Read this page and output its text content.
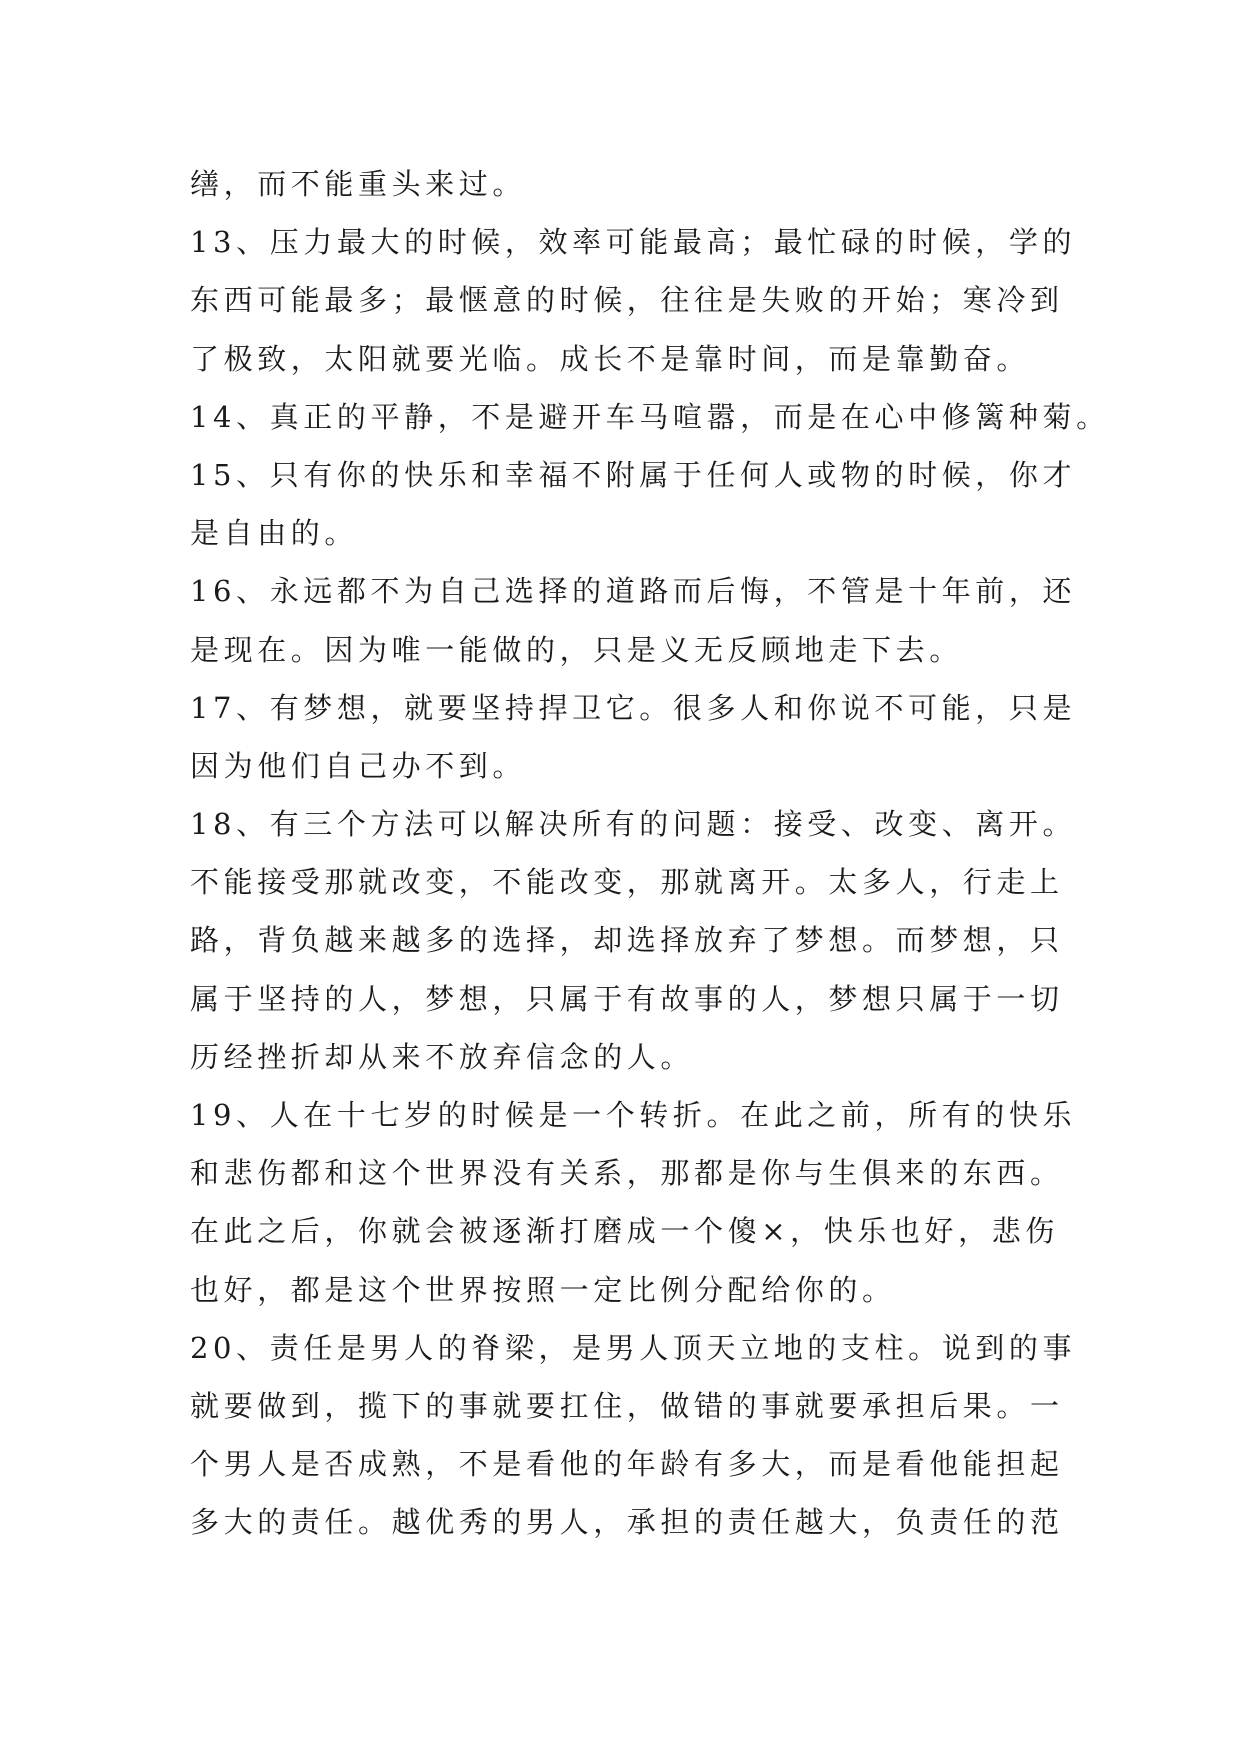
缮，而不能重头来过。
13、压力最大的时候，效率可能最高；最忙碌的时候，学的
东西可能最多；最惬意的时候，往往是失败的开始；寒冷到
了极致，太阳就要光临。成长不是靠时间，而是靠勤奋。
14、真正的平静，不是避开车马喧嚣，而是在心中修篱种菊。
15、只有你的快乐和幸福不附属于任何人或物的时候，你才
是自由的。
16、永远都不为自己选择的道路而后悔，不管是十年前，还
是现在。因为唯一能做的，只是义无反顾地走下去。
17、有梦想，就要坚持捍卫它。很多人和你说不可能，只是
因为他们自己办不到。
18、有三个方法可以解决所有的问题：接受、改变、离开。
不能接受那就改变，不能改变，那就离开。太多人，行走上
路，背负越来越多的选择，却选择放弃了梦想。而梦想，只
属于坚持的人，梦想，只属于有故事的人，梦想只属于一切
历经挫折却从来不放弃信念的人。
19、人在十七岁的时候是一个转折。在此之前，所有的快乐
和悲伤都和这个世界没有关系，那都是你与生俱来的东西。
在此之后，你就会被逐渐打磨成一个傻×，快乐也好，悲伤
也好，都是这个世界按照一定比例分配给你的。
20、责任是男人的脊梁，是男人顶天立地的支柱。说到的事
就要做到，揽下的事就要扛住，做错的事就要承担后果。一
个男人是否成熟，不是看他的年龄有多大，而是看他能担起
多大的责任。越优秀的男人，承担的责任越大，负责任的范
